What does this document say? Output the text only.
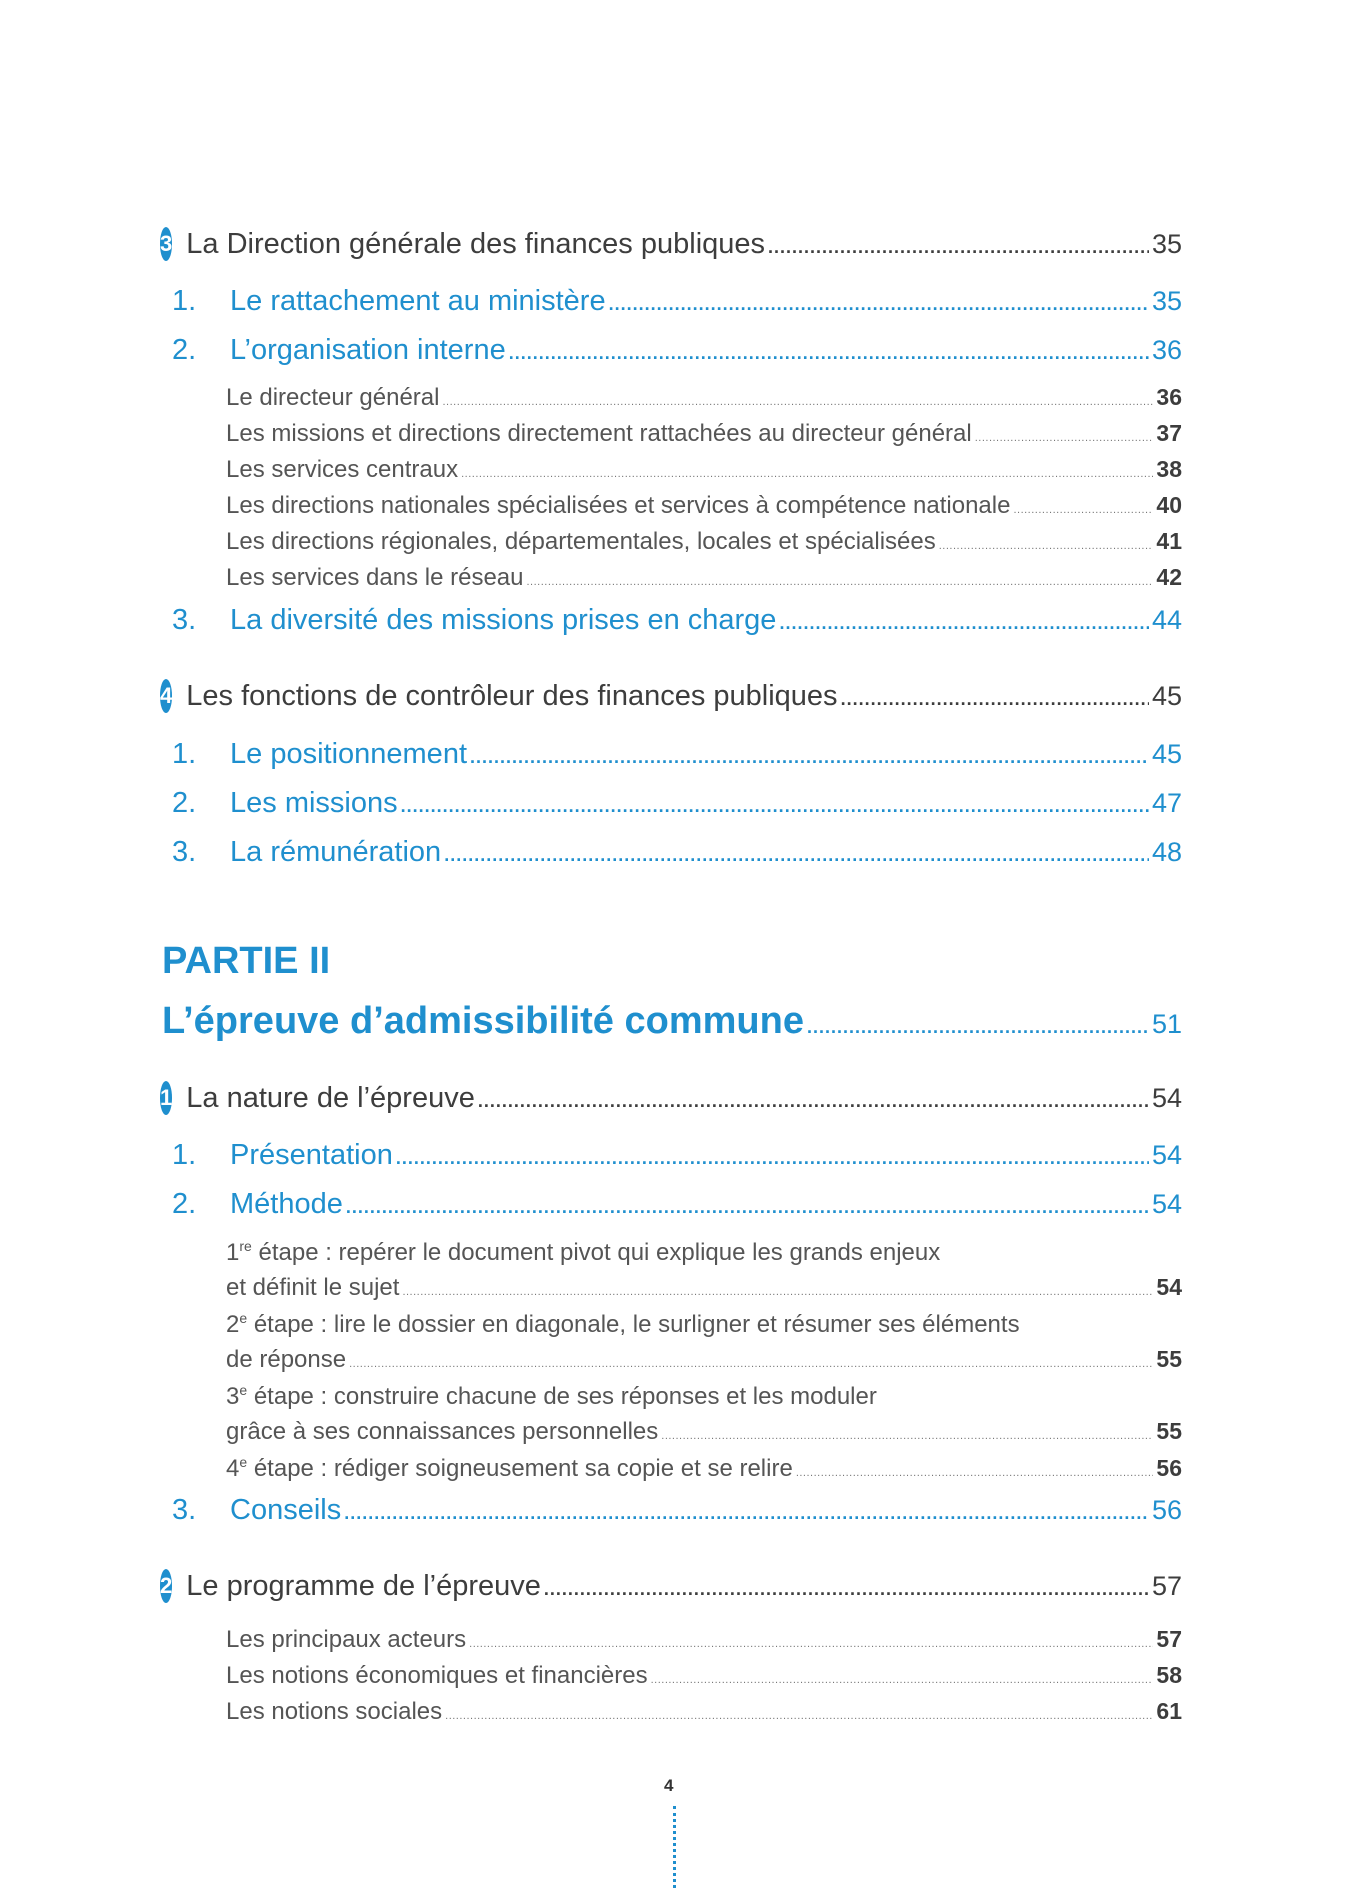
3 La Direction générale des finances publiques .....	35
1. Le rattachement au ministère .....	35
2. L’organisation interne .....	36
Le directeur général .....	36
Les missions et directions directement rattachées au directeur général .....	37
Les services centraux .....	38
Les directions nationales spécialisées et services à compétence nationale .....	40
Les directions régionales, départementales, locales et spécialisées .....	41
Les services dans le réseau .....	42
3. La diversité des missions prises en charge .....	44
4 Les fonctions de contrôleur des finances publiques .....	45
1. Le positionnement .....	45
2. Les missions .....	47
3. La rémunération .....	48
PARTIE II
L’épreuve d’admissibilité commune .....	51
1 La nature de l’épreuve .....	54
1. Présentation .....	54
2. Méthode .....	54
1re étape : repérer le document pivot qui explique les grands enjeux
et définit le sujet .....	54
2e étape : lire le dossier en diagonale, le surligner et résumer ses éléments
de réponse .....	55
3e étape : construire chacune de ses réponses et les moduler
grâce à ses connaissances personnelles .....	55
4e étape : rédiger soigneusement sa copie et se relire .....	56
3. Conseils .....	56
2 Le programme de l’épreuve .....	57
Les principaux acteurs .....	57
Les notions économiques et financières .....	58
Les notions sociales .....	61
4
